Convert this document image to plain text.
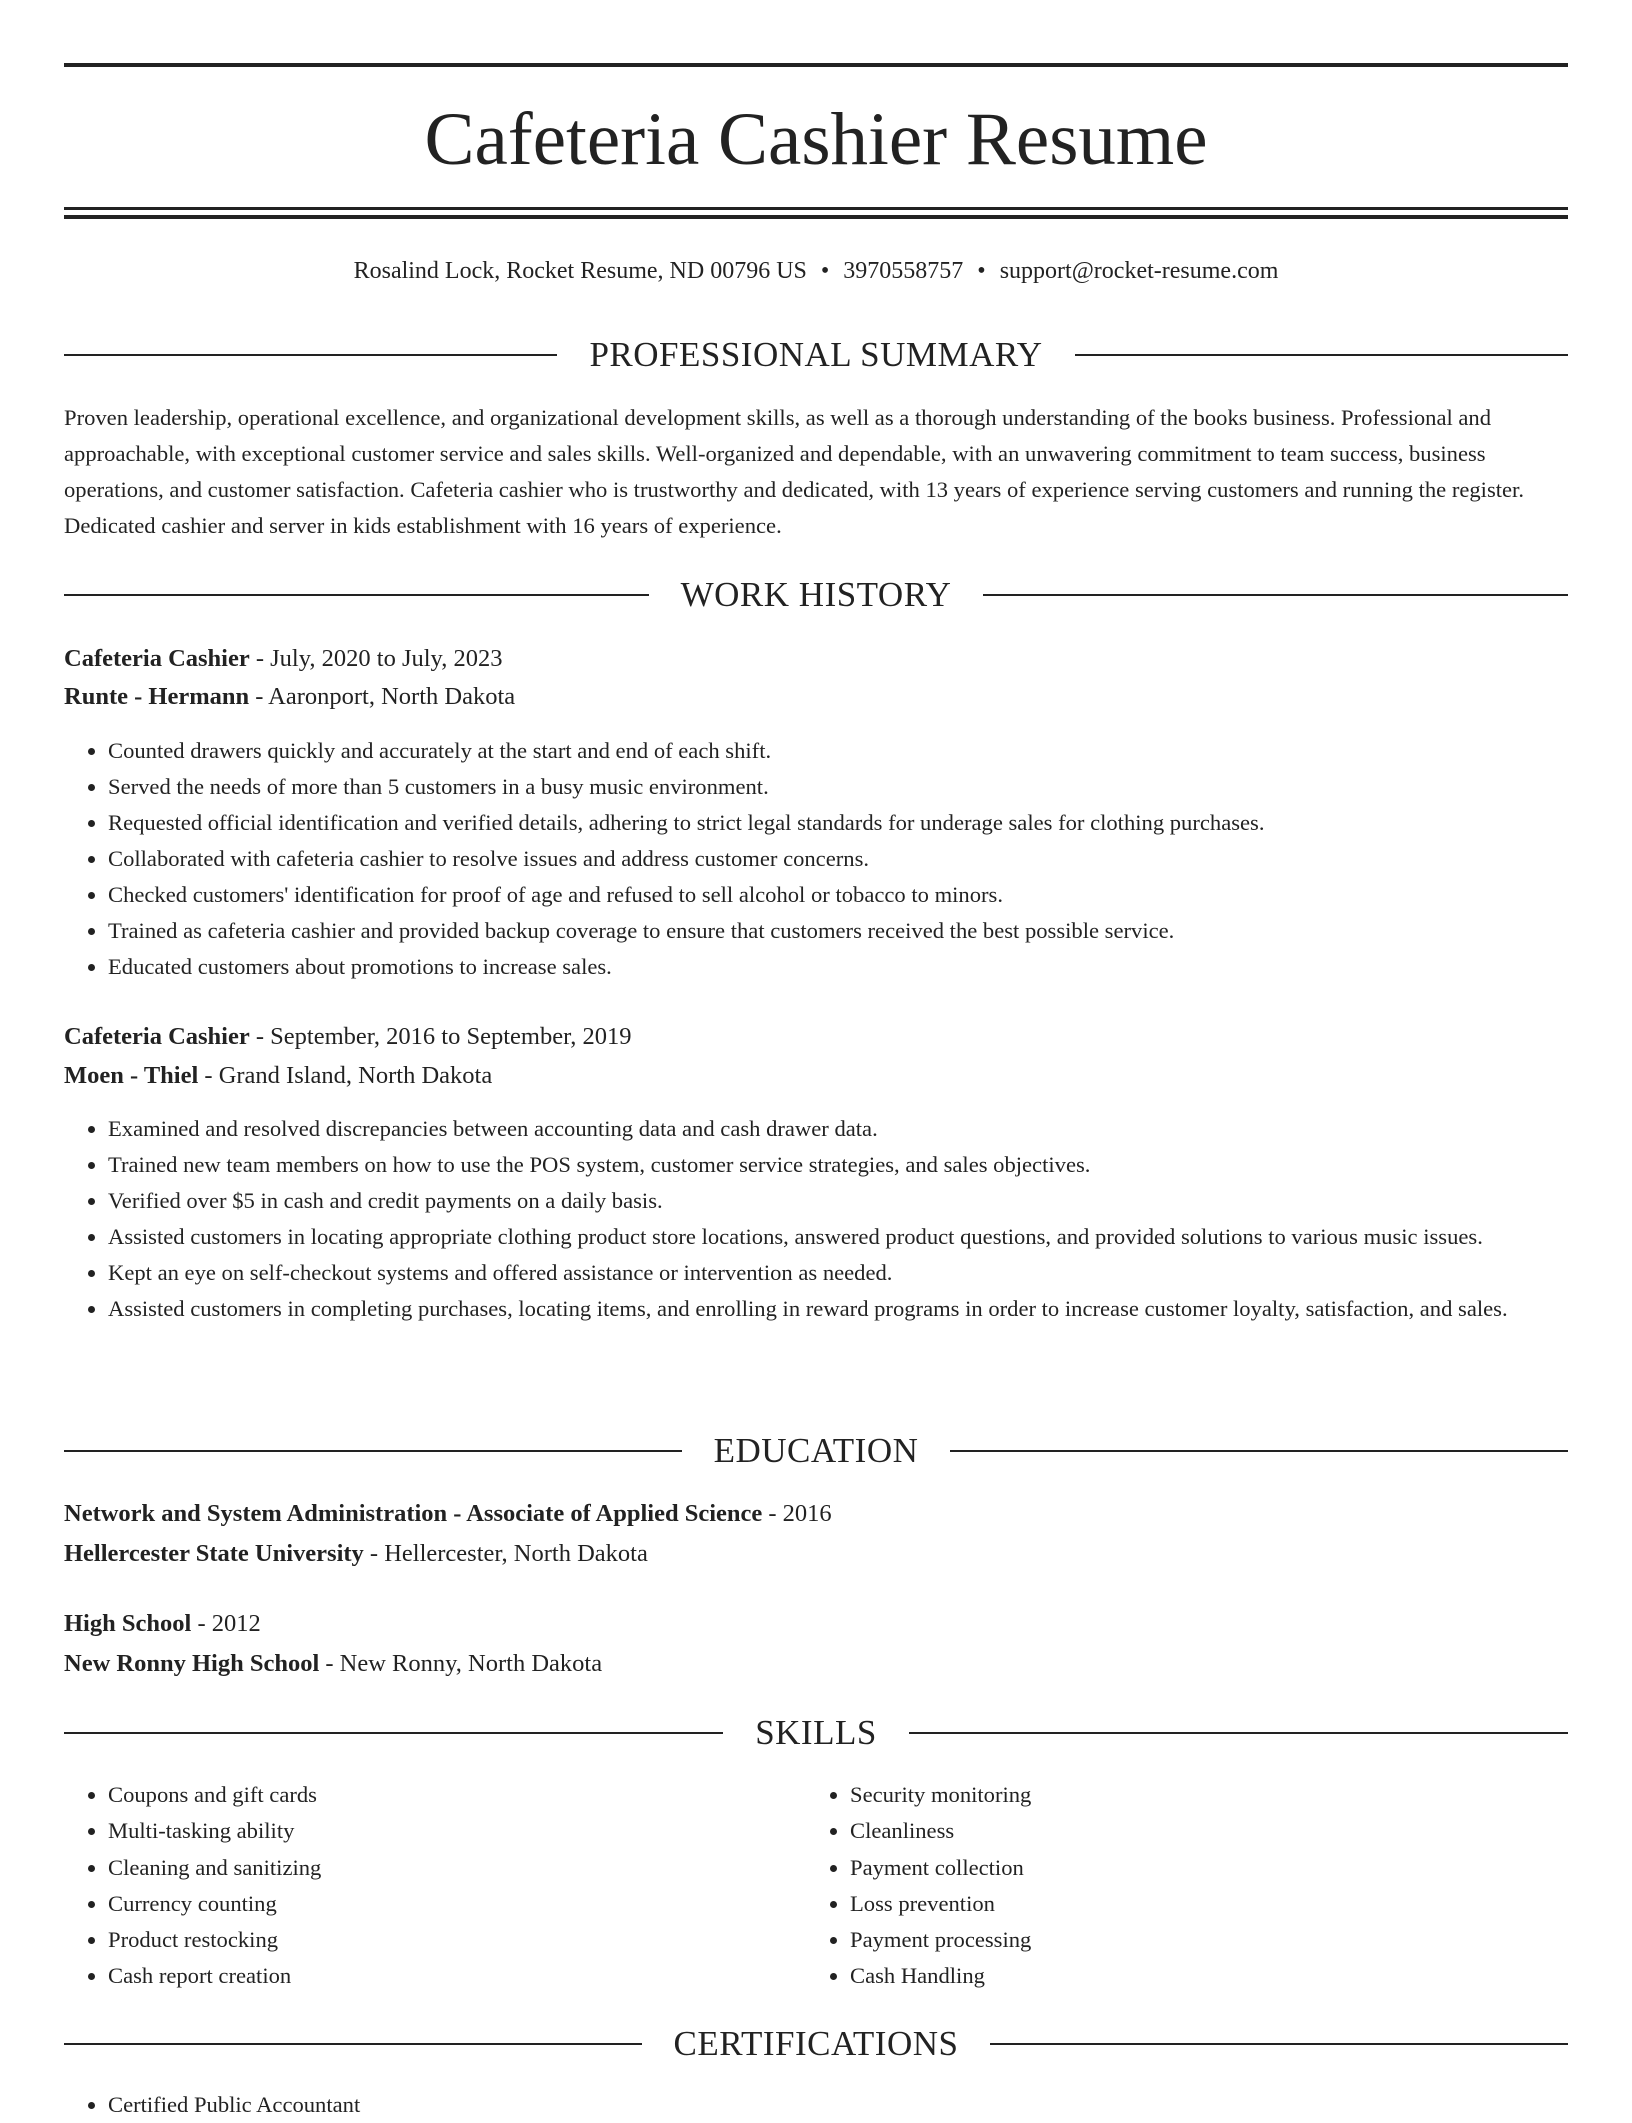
Cafeteria Cashier Resume
Rosalind Lock, Rocket Resume, ND 00796 US • 3970558757 • support@rocket-resume.com
PROFESSIONAL SUMMARY

Proven leadership, operational excellence, and organizational development skills, as well as a thorough understanding of the books business. Professional and approachable, with exceptional customer service and sales skills. Well-organized and dependable, with an unwavering commitment to team success, business operations, and customer satisfaction. Cafeteria cashier who is trustworthy and dedicated, with 13 years of experience serving customers and running the register. Dedicated cashier and server in kids establishment with 16 years of experience.

WORK HISTORY
Cafeteria Cashier - July, 2020 to July, 2023
Runte - Hermann - Aaronport, North Dakota
• Counted drawers quickly and accurately at the start and end of each shift.
• Served the needs of more than 5 customers in a busy music environment.
• Requested official identification and verified details, adhering to strict legal standards for underage sales for clothing purchases.
• Collaborated with cafeteria cashier to resolve issues and address customer concerns.
• Checked customers' identification for proof of age and refused to sell alcohol or tobacco to minors.
• Trained as cafeteria cashier and provided backup coverage to ensure that customers received the best possible service.
• Educated customers about promotions to increase sales.
Cafeteria Cashier - September, 2016 to September, 2019
Moen - Thiel - Grand Island, North Dakota
• Examined and resolved discrepancies between accounting data and cash drawer data.
• Trained new team members on how to use the POS system, customer service strategies, and sales objectives.
• Verified over $5 in cash and credit payments on a daily basis.
• Assisted customers in locating appropriate clothing product store locations, answered product questions, and provided solutions to various music issues.
• Kept an eye on self-checkout systems and offered assistance or intervention as needed.
• Assisted customers in completing purchases, locating items, and enrolling in reward programs in order to increase customer loyalty, satisfaction, and sales.
EDUCATION
Network and System Administration - Associate of Applied Science - 2016
Hellercester State University - Hellercester, North Dakota
High School - 2012
New Ronny High School - New Ronny, North Dakota
SKILLS
• Coupons and gift cards
• Multi-tasking ability
• Cleaning and sanitizing
• Currency counting
• Product restocking
• Cash report creation
• Security monitoring
• Cleanliness
• Payment collection
• Loss prevention
• Payment processing
• Cash Handling
CERTIFICATIONS
• Certified Public Accountant
